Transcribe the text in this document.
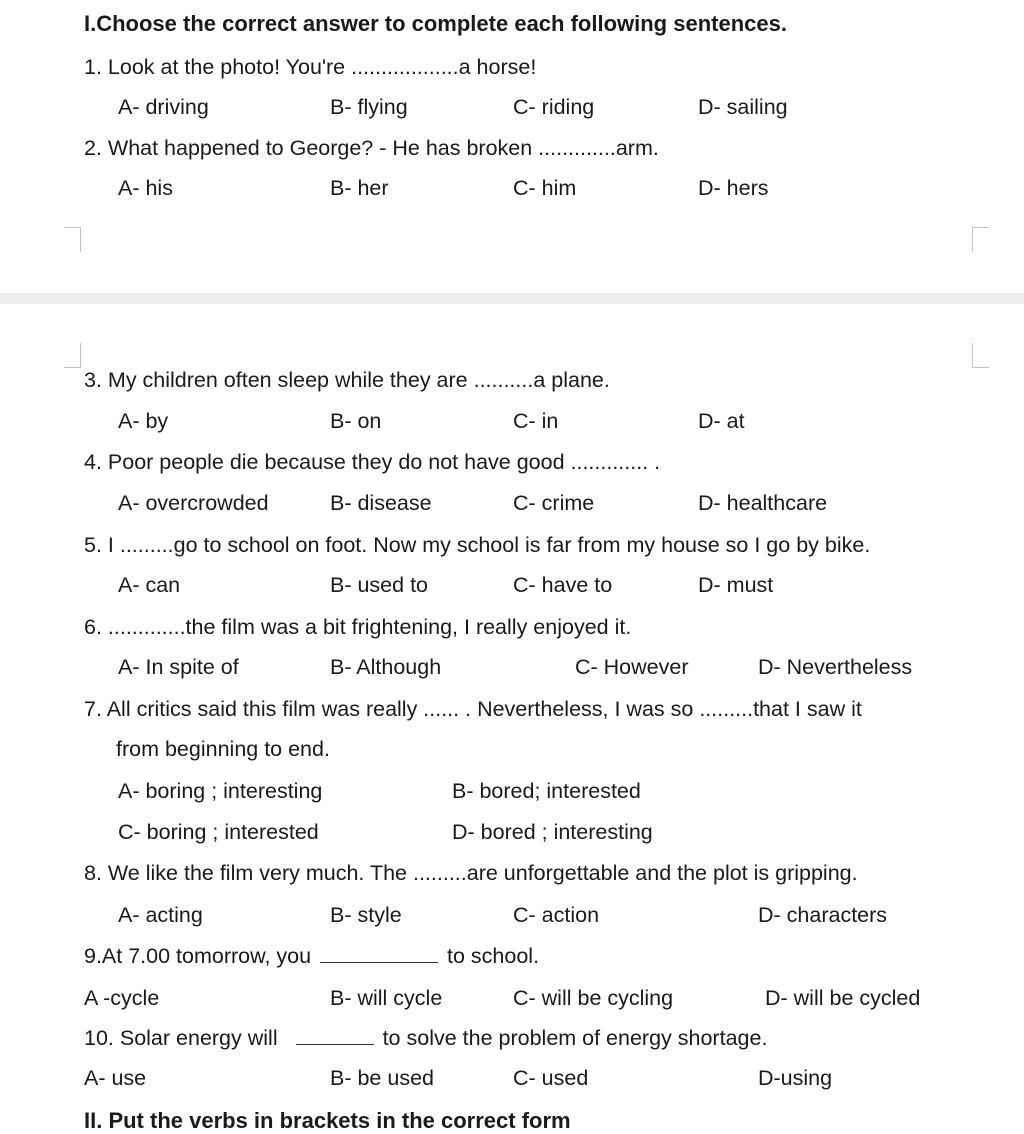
I.Choose the correct answer to complete each following sentences.
1. Look at the photo! You're ..................a horse!
A- driving	B- flying	C- riding	D- sailing
2. What happened to George? - He has broken .............arm.
A- his	B- her	C- him	D- hers
3. My children often sleep while they are ..........a plane.
A- by	B- on	C- in	D- at
4. Poor people die because they do not have good ............. .
A- overcrowded	B- disease	C- crime	D- healthcare
5. I .........go to school on foot. Now my school is far from my house so I go by bike.
A- can	B- used to	C- have to	D- must
6. .............the film was a bit frightening, I really enjoyed it.
A- In spite of	B- Although	C- However	D- Nevertheless
7. All critics said this film was really ...... . Nevertheless, I was so .........that I saw it
from beginning to end.
A- boring ; interesting	B- bored; interested
C- boring ; interested	D- bored ; interesting
8. We like the film very much. The .........are unforgettable and the plot is gripping.
A- acting	B- style	C- action	D- characters
9.At 7.00 tomorrow, you	to school.
A -cycle	B- will cycle	C- will be cycling	D- will be cycled
10. Solar energy will	to solve the problem of energy shortage.
A- use	B- be used	C- used	D-using
II. Put the verbs in brackets in the correct form
